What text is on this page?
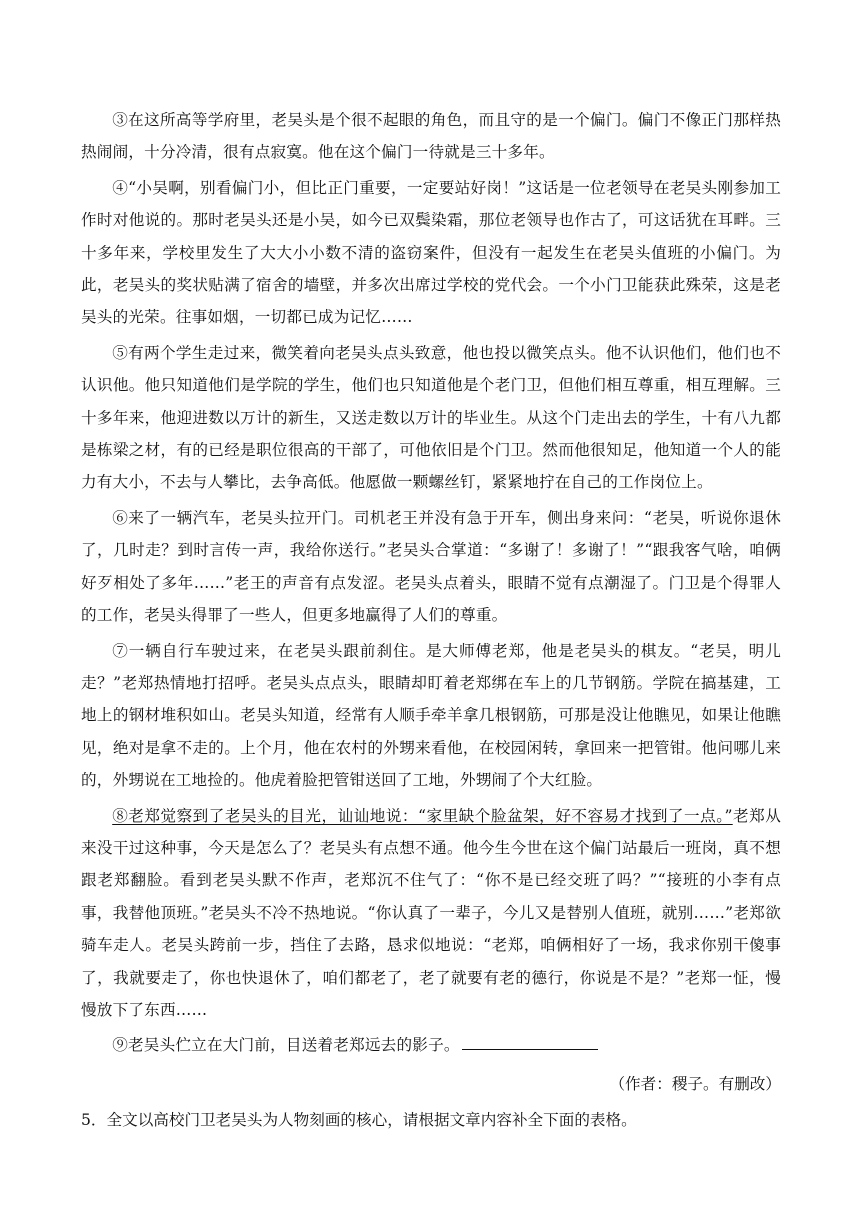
③在这所高等学府里，老吴头是个很不起眼的角色，而且守的是一个偏门。偏门不像正门那样热热闹闹，十分冷清，很有点寂寞。他在这个偏门一待就是三十多年。

④“小吴啊，别看偏门小，但比正门重要，一定要站好岗！”这话是一位老领导在老吴头刚参加工作时对他说的。那时老吴头还是小吴，如今已双鬓染霜，那位老领导也作古了，可这话犹在耳畔。三十多年来，学校里发生了大大小小数不清的盗窃案件，但没有一起发生在老吴头值班的小偏门。为此，老吴头的奖状贴满了宿舍的墙壁，并多次出席过学校的党代会。一个小门卫能获此殊荣，这是老吴头的光荣。往事如烟，一切都已成为记忆……

⑤有两个学生走过来，微笑着向老吴头点头致意，他也投以微笑点头。他不认识他们，他们也不认识他。他只知道他们是学院的学生，他们也只知道他是个老门卫，但他们相互尊重，相互理解。三十多年来，他迎进数以万计的新生，又送走数以万计的毕业生。从这个门走出去的学生，十有八九都是栋梁之材，有的已经是职位很高的干部了，可他依旧是个门卫。然而他很知足，他知道一个人的能力有大小，不去与人攀比，去争高低。他愿做一颗螺丝钉，紧紧地拧在自己的工作岗位上。

⑥来了一辆汽车，老吴头拉开门。司机老王并没有急于开车，侧出身来问：“老吴，听说你退休了，几时走？到时言传一声，我给你送行。”老吴头合掌道：“多谢了！多谢了！”“跟我客气啥，咱俩好歹相处了多年……”老王的声音有点发涩。老吴头点着头，眼睛不觉有点潮湿了。门卫是个得罪人的工作，老吴头得罪了一些人，但更多地赢得了人们的尊重。

⑦一辆自行车驶过来，在老吴头跟前刹住。是大师傅老郑，他是老吴头的棋友。“老吴，明儿走？”老郑热情地打招呼。老吴头点点头，眼睛却盯着老郑绑在车上的几节钢筋。学院在搞基建，工地上的钢材堆积如山。老吴头知道，经常有人顺手牵羊拿几根钢筋，可那是没让他瞧见，如果让他瞧见，绝对是拿不走的。上个月，他在农村的外甥来看他，在校园闲转，拿回来一把管钳。他问哪儿来的，外甥说在工地捡的。他虎着脸把管钳送回了工地，外甥闹了个大红脸。

⑧老郑觉察到了老吴头的目光，讪讪地说：“家里缺个脸盆架，好不容易才找到了一点。”老郑从来没干过这种事，今天是怎么了？老吴头有点想不通。他今生今世在这个偏门站最后一班岗，真不想跟老郑翻脸。看到老吴头默不作声，老郑沉不住气了：“你不是已经交班了吗？”“接班的小李有点事，我替他顶班。”老吴头不冷不热地说。“你认真了一辈子，今儿又是替别人值班，就别……”老郑欲骑车走人。老吴头跨前一步，挡住了去路，恳求似地说：“老郑，咱俩相好了一场，我求你别干傻事了，我就要走了，你也快退休了，咱们都老了，老了就要有老的德行，你说是不是？”老郑一怔，慢慢放下了东西……

⑨老吴头伫立在大门前，目送着老郑远去的影子。

（作者：稷子。有删改）
5．全文以高校门卫老吴头为人物刻画的核心，请根据文章内容补全下面的表格。
